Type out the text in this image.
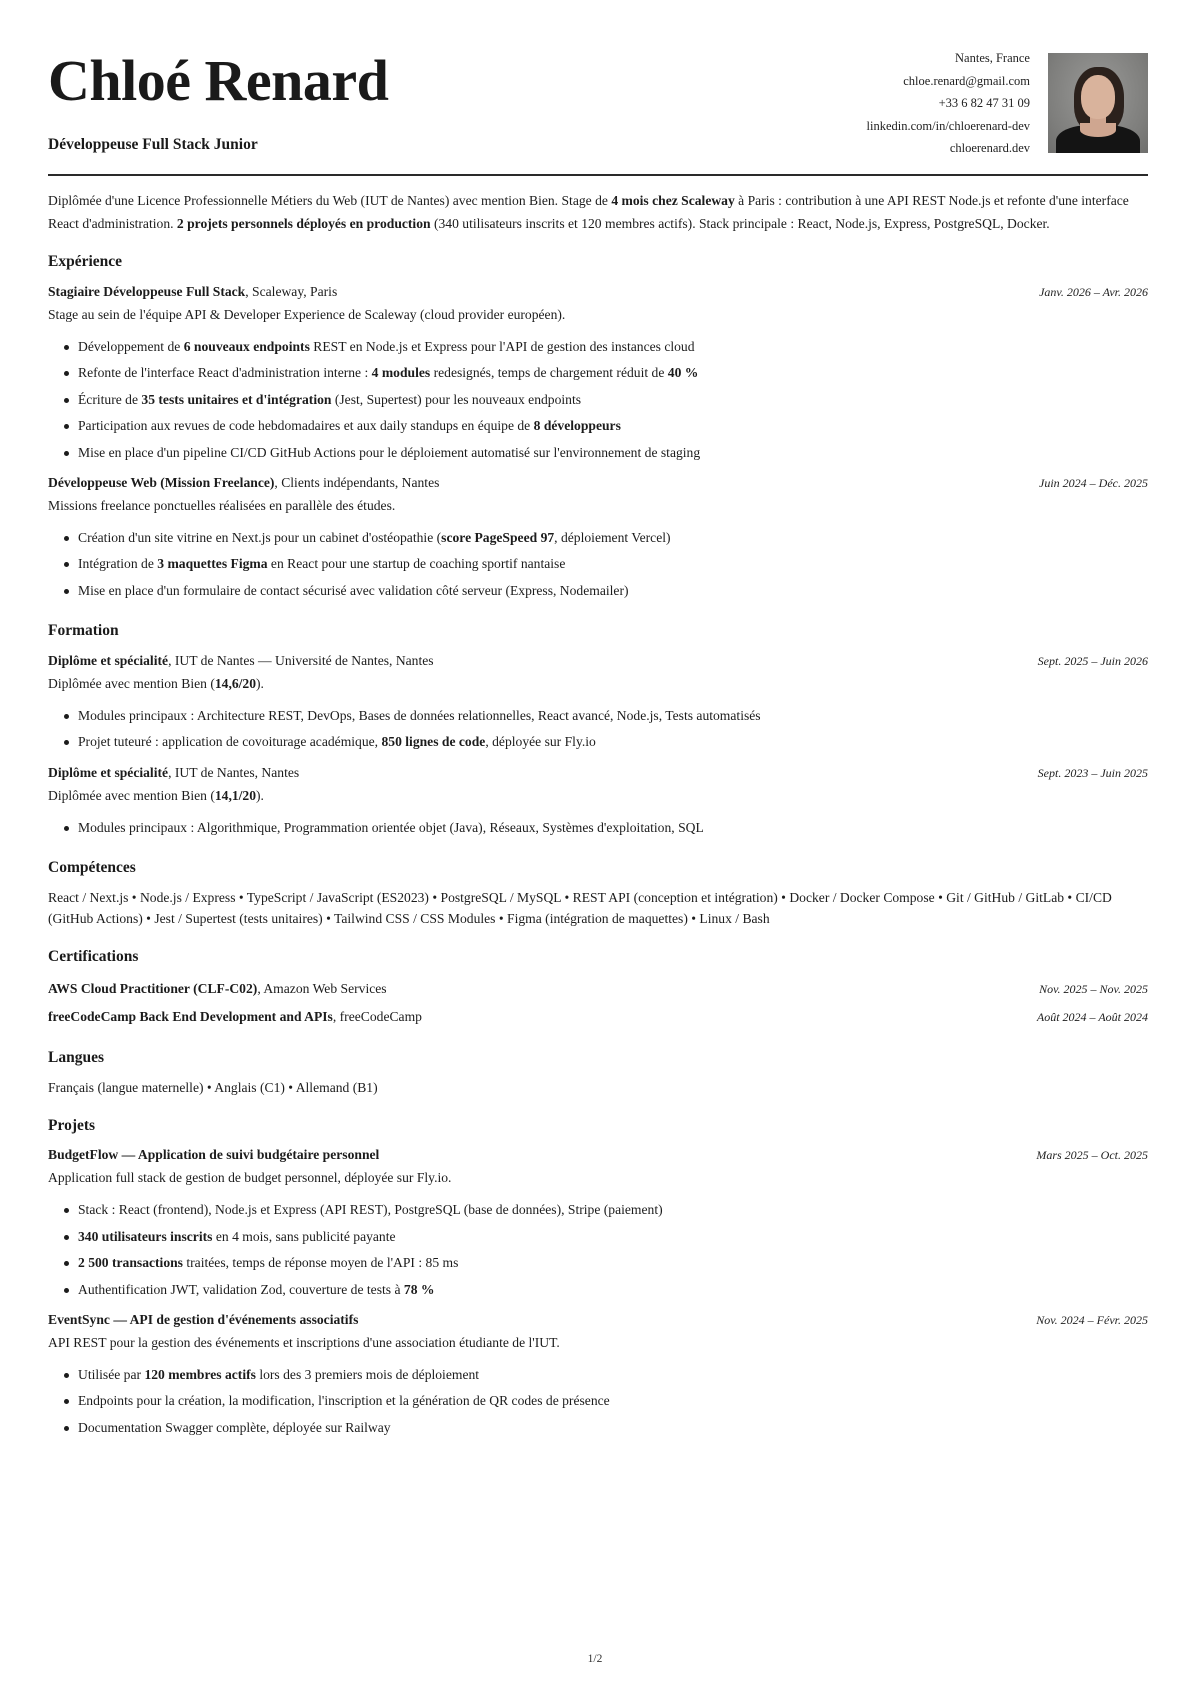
Chloé Renard
Développeuse Full Stack Junior
Nantes, France
chloe.renard@gmail.com
+33 6 82 47 31 09
linkedin.com/in/chloerenard-dev
chloerenard.dev

Diplômée d'une Licence Professionnelle Métiers du Web (IUT de Nantes) avec mention Bien. Stage de 4 mois chez Scaleway à Paris : contribution à une API REST Node.js et refonte d'une interface React d'administration. 2 projets personnels déployés en production (340 utilisateurs inscrits et 120 membres actifs). Stack principale : React, Node.js, Express, PostgreSQL, Docker.

Expérience
Stagiaire Développeuse Full Stack, Scaleway, Paris	Janv. 2026 – Avr. 2026
Stage au sein de l'équipe API & Developer Experience de Scaleway (cloud provider européen).
Développement de 6 nouveaux endpoints REST en Node.js et Express pour l'API de gestion des instances cloud
Refonte de l'interface React d'administration interne : 4 modules redesignés, temps de chargement réduit de 40 %
Écriture de 35 tests unitaires et d'intégration (Jest, Supertest) pour les nouveaux endpoints
Participation aux revues de code hebdomadaires et aux daily standups en équipe de 8 développeurs
Mise en place d'un pipeline CI/CD GitHub Actions pour le déploiement automatisé sur l'environnement de staging
Développeuse Web (Mission Freelance), Clients indépendants, Nantes	Juin 2024 – Déc. 2025
Missions freelance ponctuelles réalisées en parallèle des études.
Création d'un site vitrine en Next.js pour un cabinet d'ostéopathie (score PageSpeed 97, déploiement Vercel)
Intégration de 3 maquettes Figma en React pour une startup de coaching sportif nantaise
Mise en place d'un formulaire de contact sécurisé avec validation côté serveur (Express, Nodemailer)
Formation
Diplôme et spécialité, IUT de Nantes — Université de Nantes, Nantes	Sept. 2025 – Juin 2026
Diplômée avec mention Bien (14,6/20).
Modules principaux : Architecture REST, DevOps, Bases de données relationnelles, React avancé, Node.js, Tests automatisés
Projet tuteuré : application de covoiturage académique, 850 lignes de code, déployée sur Fly.io
Diplôme et spécialité, IUT de Nantes, Nantes	Sept. 2023 – Juin 2025
Diplômée avec mention Bien (14,1/20).
Modules principaux : Algorithmique, Programmation orientée objet (Java), Réseaux, Systèmes d'exploitation, SQL
Compétences

React / Next.js • Node.js / Express • TypeScript / JavaScript (ES2023) • PostgreSQL / MySQL • REST API (conception et intégration) • Docker / Docker Compose • Git / GitHub / GitLab • CI/CD (GitHub Actions) • Jest / Supertest (tests unitaires) • Tailwind CSS / CSS Modules • Figma (intégration de maquettes) • Linux / Bash

Certifications
AWS Cloud Practitioner (CLF-C02), Amazon Web Services	Nov. 2025 – Nov. 2025
freeCodeCamp Back End Development and APIs, freeCodeCamp	Août 2024 – Août 2024
Langues

Français (langue maternelle) • Anglais (C1) • Allemand (B1)

Projets
BudgetFlow — Application de suivi budgétaire personnel	Mars 2025 – Oct. 2025
Application full stack de gestion de budget personnel, déployée sur Fly.io.
Stack : React (frontend), Node.js et Express (API REST), PostgreSQL (base de données), Stripe (paiement)
340 utilisateurs inscrits en 4 mois, sans publicité payante
2 500 transactions traitées, temps de réponse moyen de l'API : 85 ms
Authentification JWT, validation Zod, couverture de tests à 78 %
EventSync — API de gestion d'événements associatifs	Nov. 2024 – Févr. 2025
API REST pour la gestion des événements et inscriptions d'une association étudiante de l'IUT.
Utilisée par 120 membres actifs lors des 3 premiers mois de déploiement
Endpoints pour la création, la modification, l'inscription et la génération de QR codes de présence
Documentation Swagger complète, déployée sur Railway
1/2
